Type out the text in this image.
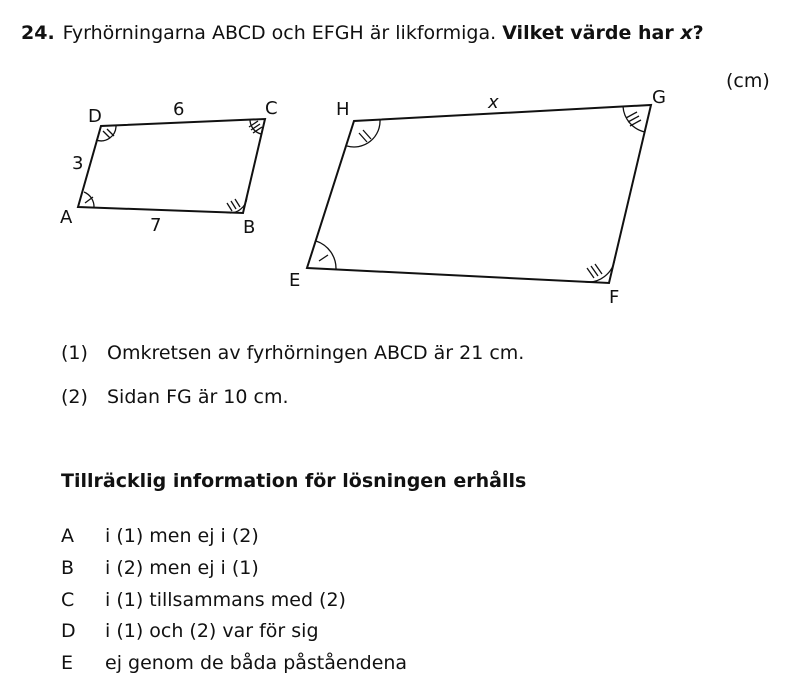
24. Fyrhörningarna ABCD och EFGH är likformiga. Vilket värde har x?
(cm)
A	B
C
D
E
F
G
H
6
3
7
x
(1) Omkretsen av fyrhörningen ABCD är 21 cm.
(2) Sidan FG är 10 cm.
Tillräcklig information för lösningen erhålls
A i (1) men ej i (2)
B i (2) men ej i (1)
C i (1) tillsammans med (2)
D i (1) och (2) var för sig
E ej genom de båda påståendena
